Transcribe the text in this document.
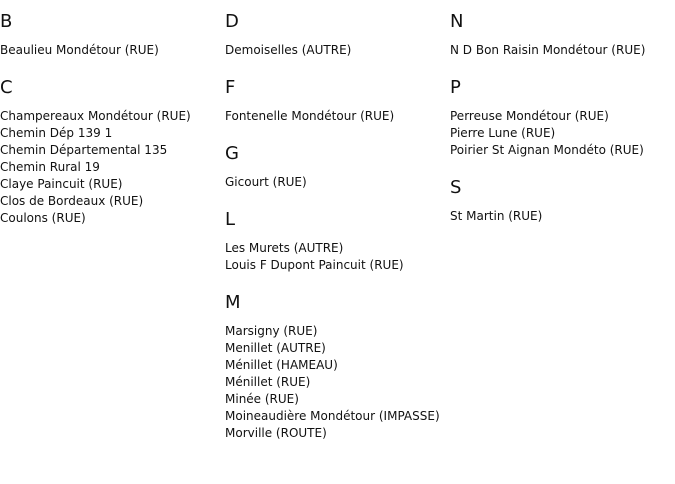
B
Beaulieu Mondétour (RUE)
C
Champereaux Mondétour (RUE)
Chemin Dép 139 1
Chemin Départemental 135
Chemin Rural 19
Claye Paincuit (RUE)
Clos de Bordeaux (RUE)
Coulons (RUE)
D
Demoiselles (AUTRE)
F
Fontenelle Mondétour (RUE)
G
Gicourt (RUE)
L
Les Murets (AUTRE)
Louis F Dupont Paincuit (RUE)
M
Marsigny (RUE)
Menillet (AUTRE)
Ménillet (HAMEAU)
Ménillet (RUE)
Minée (RUE)
Moineaudière Mondétour (IMPASSE)
Morville (ROUTE)
N
N D Bon Raisin Mondétour (RUE)
P
Perreuse Mondétour (RUE)
Pierre Lune (RUE)
Poirier St Aignan Mondéto (RUE)
S
St Martin (RUE)
